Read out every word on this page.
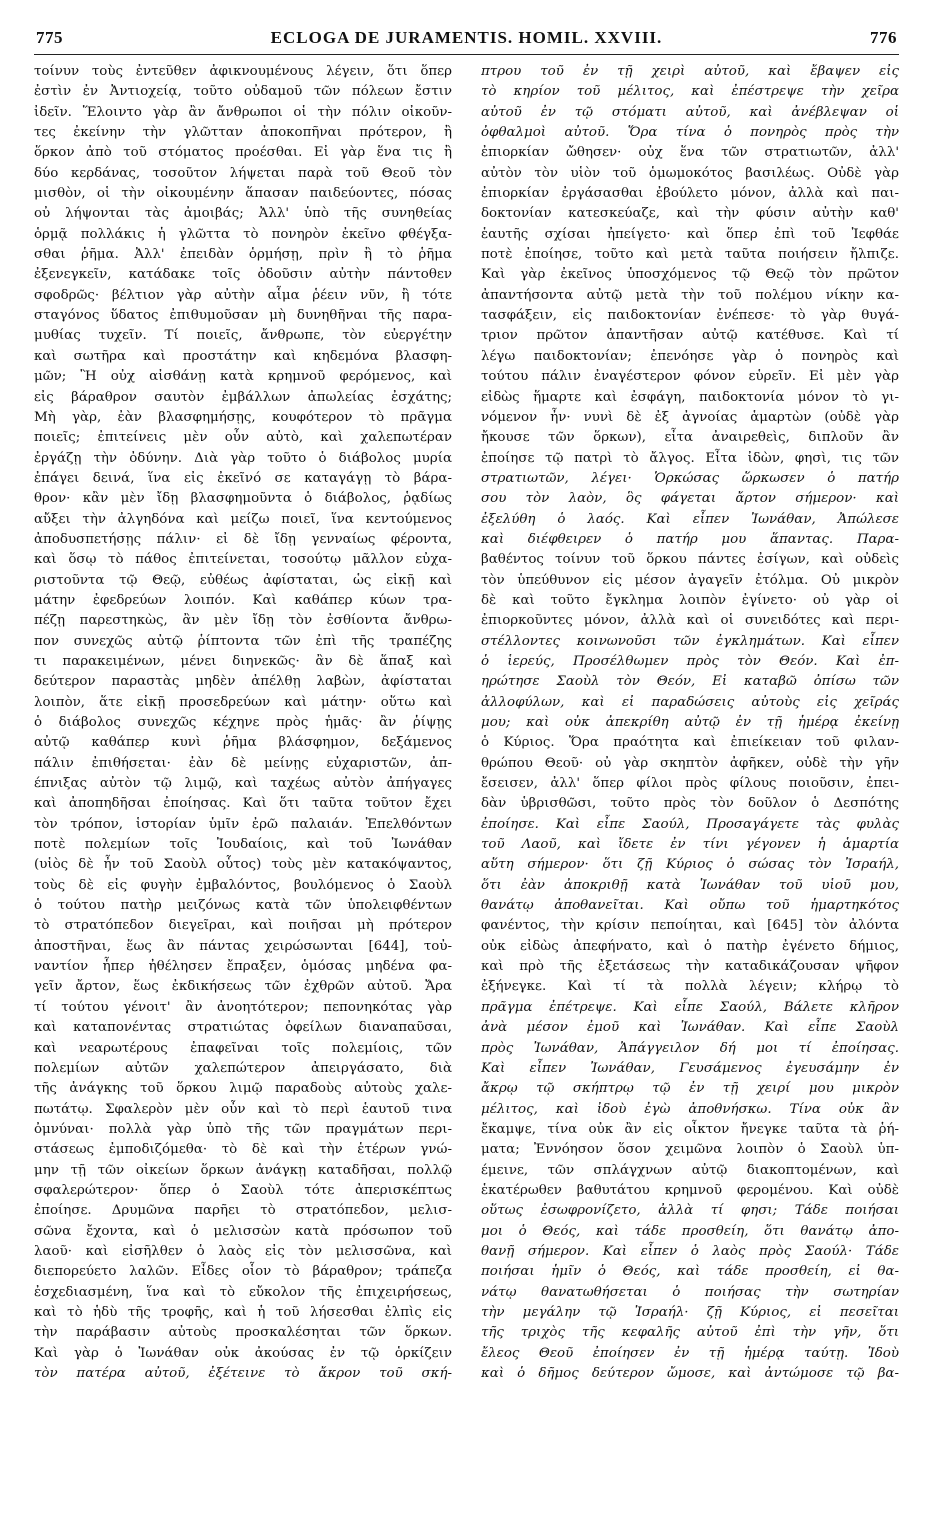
775	ECLOGA DE JURAMENTIS. HOMIL. XXVIII.	776
τοίνυν τοὺς ἐντεῦθεν ἀφικνουμένους λέγειν, ὅτι ὅπερ
ἐστὶν ἐν Ἀντιοχείᾳ, τοῦτο οὐδαμοῦ τῶν πόλεων ἔστιν
ἰδεῖν. Ἕλοιντο γὰρ ἂν ἄνθρωποι οἱ τὴν πόλιν οἰκοῦν-
τες ἐκείνην τὴν γλῶτταν ἀποκοπῆναι πρότερον, ἢ
ὅρκον ἀπὸ τοῦ στόματος προέσθαι. Εἰ γὰρ ἕνα τις ἢ
δύο κερδάνας, τοσοῦτον λήψεται παρὰ τοῦ Θεοῦ τὸν
μισθὸν, οἱ τὴν οἰκουμένην ἅπασαν παιδεύοντες, πόσας
οὐ λήψονται τὰς ἀμοιβάς; Ἀλλ' ὑπὸ τῆς συνηθείας
ὁρμᾷ πολλάκις ἡ γλῶττα τὸ πονηρὸν ἐκεῖνο φθέγξα-
σθαι ῥῆμα. Ἀλλ' ἐπειδὰν ὁρμήσῃ, πρὶν ἢ τὸ ῥῆμα
ἐξενεγκεῖν, κατάδακε τοῖς ὀδοῦσιν αὐτὴν πάντοθεν
σφοδρῶς· βέλτιον γὰρ αὐτὴν αἷμα ῥέειν νῦν, ἢ τότε
σταγόνος ὕδατος ἐπιθυμοῦσαν μὴ δυνηθῆναι τῆς παρα-
μυθίας τυχεῖν. Τί ποιεῖς, ἄνθρωπε, τὸν εὐεργέτην
καὶ σωτῆρα καὶ προστάτην καὶ κηδεμόνα βλασφη-
μῶν; Ἢ οὐχ αἰσθάνῃ κατὰ κρημνοῦ φερόμενος, καὶ
εἰς βάραθρον σαυτὸν ἐμβάλλων ἀπωλείας ἐσχάτης;
Μὴ γὰρ, ἐὰν βλασφημήσῃς, κουφότερον τὸ πρᾶγμα
ποιεῖς; ἐπιτείνεις μὲν οὖν αὐτὸ, καὶ χαλεπωτέραν
ἐργάζῃ τὴν ὀδύνην. Διὰ γὰρ τοῦτο ὁ διάβολος μυρία
ἐπάγει δεινά, ἵνα εἰς ἐκεῖνό σε καταγάγῃ τὸ βάρα-
θρον· κἂν μὲν ἴδῃ βλασφημοῦντα ὁ διάβολος, ῥᾳδίως
αὔξει τὴν ἀλγηδόνα καὶ μείζω ποιεῖ, ἵνα κεντούμενος
ἀποδυσπετήσῃς πάλιν· εἰ δὲ ἴδῃ γενναίως φέροντα,
καὶ ὅσῳ τὸ πάθος ἐπιτείνεται, τοσούτῳ μᾶλλον εὐχα-
ριστοῦντα τῷ Θεῷ, εὐθέως ἀφίσταται, ὡς εἰκῇ καὶ
μάτην ἐφεδρεύων λοιπόν. Καὶ καθάπερ κύων τρα-
πέζῃ παρεστηκὼς, ἂν μὲν ἴδῃ τὸν ἐσθίοντα ἄνθρω-
πον συνεχῶς αὐτῷ ῥίπτοντα τῶν ἐπὶ τῆς τραπέζης
τι παρακειμένων, μένει διηνεκῶς· ἂν δὲ ἅπαξ καὶ
δεύτερον παραστὰς μηδὲν ἀπέλθῃ λαβὼν, ἀφίσταται
λοιπὸν, ἅτε εἰκῇ προσεδρεύων καὶ μάτην· οὕτω καὶ
ὁ διάβολος συνεχῶς κέχηνε πρὸς ἡμᾶς· ἂν ῥίψῃς
αὐτῷ καθάπερ κυνὶ ῥῆμα βλάσφημον, δεξάμενος
πάλιν ἐπιθήσεται· ἐὰν δὲ μείνῃς εὐχαριστῶν, ἀπ-
έπνιξας αὐτὸν τῷ λιμῷ, καὶ ταχέως αὐτὸν ἀπήγαγες
καὶ ἀποπηδῆσαι ἐποίησας. Καὶ ὅτι ταῦτα τοῦτον ἔχει
τὸν τρόπον, ἱστορίαν ὑμῖν ἐρῶ παλαιάν. Ἐπελθόντων
ποτὲ πολεμίων τοῖς Ἰουδαίοις, καὶ τοῦ Ἰωνάθαν
(υἱὸς δὲ ἦν τοῦ Σαοὺλ οὗτος) τοὺς μὲν κατακόψαντος,
τοὺς δὲ εἰς φυγὴν ἐμβαλόντος, βουλόμενος ὁ Σαοὺλ
ὁ τούτου πατὴρ μειζόνως κατὰ τῶν ὑπολειφθέντων
τὸ στρατόπεδον διεγεῖραι, καὶ ποιῆσαι μὴ πρότερον
ἀποστῆναι, ἕως ἂν πάντας χειρώσωνται [644], τοὐ-
ναντίον ἧπερ ἠθέλησεν ἔπραξεν, ὁμόσας μηδένα φα-
γεῖν ἄρτον, ἕως ἐκδικήσεως τῶν ἐχθρῶν αὐτοῦ. Ἄρα
τί τούτου γένοιτ' ἂν ἀνοητότερον; πεπονηκότας γὰρ
καὶ καταπονέντας στρατιώτας ὀφείλων διαναπαῦσαι,
καὶ νεαρωτέρους ἐπαφεῖναι τοῖς πολεμίοις, τῶν
πολεμίων αὐτῶν χαλεπώτερον ἀπειργάσατο, διὰ
τῆς ἀνάγκης τοῦ ὅρκου λιμῷ παραδοὺς αὐτοὺς χαλε-
πωτάτῳ. Σφαλερὸν μὲν οὖν καὶ τὸ περὶ ἑαυτοῦ τινα
ὀμνύναι· πολλὰ γὰρ ὑπὸ τῆς τῶν πραγμάτων περι-
στάσεως ἐμποδιζόμεθα· τὸ δὲ καὶ τὴν ἑτέρων γνώ-
μην τῇ τῶν οἰκείων ὅρκων ἀνάγκῃ καταδῆσαι, πολλῷ
σφαλερώτερον· ὅπερ ὁ Σαοὺλ τότε ἀπερισκέπτως
ἐποίησε. Δρυμῶνα παρῆει τὸ στρατόπεδον, μελισ-
σῶνα ἔχοντα, καὶ ὁ μελισσὼν κατὰ πρόσωπον τοῦ
λαοῦ· καὶ εἰσῆλθεν ὁ λαὸς εἰς τὸν μελισσῶνα, καὶ
διεπορεύετο λαλῶν. Εἶδες οἷον τὸ βάραθρον; τράπεζα
ἐσχεδιασμένη, ἵνα καὶ τὸ εὔκολον τῆς ἐπιχειρήσεως,
καὶ τὸ ἡδὺ τῆς τροφῆς, καὶ ἡ τοῦ λήσεσθαι ἐλπὶς εἰς
τὴν παράβασιν αὐτοὺς προσκαλέσηται τῶν ὅρκων.
Καὶ γὰρ ὁ Ἰωνάθαν οὐκ ἀκούσας ἐν τῷ ὁρκίζειν
τὸν πατέρα αὐτοῦ, ἐξέτεινε τὸ ἄκρον τοῦ σκή-
πτρου τοῦ ἐν τῇ χειρὶ αὐτοῦ, καὶ ἔβαψεν εἰς
τὸ κηρίον τοῦ μέλιτος, καὶ ἐπέστρεψε τὴν χεῖρα
αὐτοῦ ἐν τῷ στόματι αὐτοῦ, καὶ ἀνέβλεψαν οἱ
ὀφθαλμοὶ αὐτοῦ. Ὅρα τίνα ὁ πονηρὸς πρὸς τὴν
ἐπιορκίαν ὤθησεν· οὐχ ἕνα τῶν στρατιωτῶν, ἀλλ'
αὐτὸν τὸν υἱὸν τοῦ ὁμωμοκότος βασιλέως. Οὐδὲ γὰρ
ἐπιορκίαν ἐργάσασθαι ἐβούλετο μόνον, ἀλλὰ καὶ παι-
δοκτονίαν κατεσκεύαζε, καὶ τὴν φύσιν αὐτὴν καθ'
ἑαυτῆς σχίσαι ἠπείγετο· καὶ ὅπερ ἐπὶ τοῦ Ἰεφθάε
ποτὲ ἐποίησε, τοῦτο καὶ μετὰ ταῦτα ποιήσειν ἤλπιζε.
Καὶ γὰρ ἐκεῖνος ὑποσχόμενος τῷ Θεῷ τὸν πρῶτον
ἀπαντήσοντα αὐτῷ μετὰ τὴν τοῦ πολέμου νίκην κα-
τασφάξειν, εἰς παιδοκτονίαν ἐνέπεσε· τὸ γὰρ θυγά-
τριον πρῶτον ἀπαντῆσαν αὐτῷ κατέθυσε. Καὶ τί
λέγω παιδοκτονίαν; ἐπενόησε γὰρ ὁ πονηρὸς καὶ
τούτου πάλιν ἐναγέστερον φόνον εὑρεῖν. Εἰ μὲν γὰρ
εἰδὼς ἥμαρτε καὶ ἐσφάγη, παιδοκτονία μόνον τὸ γι-
νόμενον ἦν· νυνὶ δὲ ἐξ ἀγνοίας ἁμαρτὼν (οὐδὲ γὰρ
ἤκουσε τῶν ὅρκων), εἶτα ἀναιρεθεὶς, διπλοῦν ἂν
ἐποίησε τῷ πατρὶ τὸ ἄλγος. Εἶτα ἰδὼν, φησὶ, τις τῶν
στρατιωτῶν, λέγει· Ὁρκώσας ὥρκωσεν ὁ πατήρ
σου τὸν λαὸν, ὃς φάγεται ἄρτον σήμερον· καὶ
ἐξελύθη ὁ λαός. Καὶ εἶπεν Ἰωνάθαν, Ἀπώλεσε
καὶ διέφθειρεν ὁ πατήρ μου ἅπαντας. Παρα-
βαθέντος τοίνυν τοῦ ὅρκου πάντες ἐσίγων, καὶ οὐδεὶς
τὸν ὑπεύθυνον εἰς μέσον ἀγαγεῖν ἐτόλμα. Οὐ μικρὸν
δὲ καὶ τοῦτο ἔγκλημα λοιπὸν ἐγίνετο· οὐ γὰρ οἱ
ἐπιορκοῦντες μόνον, ἀλλὰ καὶ οἱ συνειδότες καὶ περι-
στέλλοντες κοινωνοῦσι τῶν ἐγκλημάτων. Καὶ εἶπεν
ὁ ἱερεύς, Προσέλθωμεν πρὸς τὸν Θεόν. Καὶ ἐπ-
ηρώτησε Σαοὺλ τὸν Θεόν, Εἰ καταβῶ ὀπίσω τῶν
ἀλλοφύλων, καὶ εἰ παραδώσεις αὐτοὺς εἰς χεῖράς
μου; καὶ οὐκ ἀπεκρίθη αὐτῷ ἐν τῇ ἡμέρᾳ ἐκείνῃ
ὁ Κύριος. Ὅρα πραότητα καὶ ἐπιείκειαν τοῦ φιλαν-
θρώπου Θεοῦ· οὐ γὰρ σκηπτὸν ἀφῆκεν, οὐδὲ τὴν γῆν
ἔσεισεν, ἀλλ' ὅπερ φίλοι πρὸς φίλους ποιοῦσιν, ἐπει-
δὰν ὑβρισθῶσι, τοῦτο πρὸς τὸν δοῦλον ὁ Δεσπότης
ἐποίησε. Καὶ εἶπε Σαούλ, Προσαγάγετε τὰς φυλὰς
τοῦ Λαοῦ, καὶ ἴδετε ἐν τίνι γέγονεν ἡ ἁμαρτία
αὕτη σήμερον· ὅτι ζῇ Κύριος ὁ σώσας τὸν Ἰσραήλ,
ὅτι ἐὰν ἀποκριθῇ κατὰ Ἰωνάθαν τοῦ υἱοῦ μου,
θανάτῳ ἀποθανεῖται. Καὶ οὔπω τοῦ ἡμαρτηκότος
φανέντος, τὴν κρίσιν πεποίηται, καὶ [645] τὸν ἀλόντα
οὐκ εἰδὼς ἀπεφήνατο, καὶ ὁ πατὴρ ἐγένετο δήμιος,
καὶ πρὸ τῆς ἐξετάσεως τὴν καταδικάζουσαν ψῆφον
ἐξήνεγκε. Καὶ τί τὰ πολλὰ λέγειν; κλήρῳ τὸ
πρᾶγμα ἐπέτρεψε. Καὶ εἶπε Σαούλ, Βάλετε κλῆρον
ἀνὰ μέσον ἐμοῦ καὶ Ἰωνάθαν. Καὶ εἶπε Σαοὺλ
πρὸς Ἰωνάθαν, Ἀπάγγειλον δή μοι τί ἐποίησας.
Καὶ εἶπεν Ἰωνάθαν, Γευσάμενος ἐγευσάμην ἐν
ἄκρῳ τῷ σκήπτρῳ τῷ ἐν τῇ χειρί μου μικρὸν
μέλιτος, καὶ ἰδοὺ ἐγὼ ἀποθνήσκω. Τίνα οὐκ ἂν
ἔκαμψε, τίνα οὐκ ἂν εἰς οἶκτον ἤνεγκε ταῦτα τὰ ῥή-
ματα; Ἐννόησον ὅσον χειμῶνα λοιπὸν ὁ Σαοὺλ ὑπ-
έμεινε, τῶν σπλάγχνων αὐτῷ διακοπτομένων, καὶ
ἑκατέρωθεν βαθυτάτου κρημνοῦ φερομένου. Καὶ οὐδὲ
οὕτως ἐσωφρονίζετο, ἀλλὰ τί φησι; Τάδε ποιήσαι
μοι ὁ Θεός, καὶ τάδε προσθείη, ὅτι θανάτῳ ἀπο-
θανῇ σήμερον. Καὶ εἶπεν ὁ λαὸς πρὸς Σαούλ· Τάδε
ποιήσαι ἡμῖν ὁ Θεός, καὶ τάδε προσθείη, εἰ θα-
νάτῳ θανατωθήσεται ὁ ποιήσας τὴν σωτηρίαν
τὴν μεγάλην τῷ Ἰσραήλ· ζῇ Κύριος, εἰ πεσεῖται
τῆς τριχὸς τῆς κεφαλῆς αὐτοῦ ἐπὶ τὴν γῆν, ὅτι
ἔλεος Θεοῦ ἐποίησεν ἐν τῇ ἡμέρᾳ ταύτῃ. Ἰδοὺ
καὶ ὁ δῆμος δεύτερον ὤμοσε, καὶ ἀντώμοσε τῷ βα-
